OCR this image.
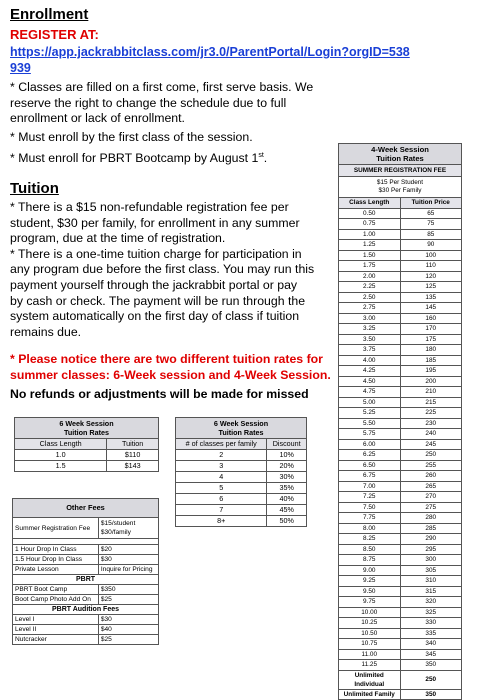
Enrollment
REGISTER AT:
https://app.jackrabbitclass.com/jr3.0/ParentPortal/Login?orgID=538
939
* Classes are filled on a first come, first serve basis. We
reserve the right to change the schedule due to full
enrollment or lack of enrollment.
* Must enroll by the first class of the session.
* Must enroll for PBRT Bootcamp by August 1st.
Tuition
* There is a $15 non-refundable registration fee per
student, $30 per family, for enrollment in any summer
program, due at the time of registration.
* There is a one-time tuition charge for participation in
any program due before the first class. You may run this
payment yourself through the jackrabbit portal or pay
by cash or check. The payment will be run through the
system automatically on the first day of class if tuition
remains due.
* Please notice there are two different tuition rates for
summer classes: 6-Week session and 4-Week Session.
No refunds or adjustments will be made for missed
6 Week Session
Tuition Rates	

Class Length	Tuition
1.0	$110
1.5	$143
6 Week Session
Tuition Rates	

# of classes per family	Discount
2	10%
3	20%
4	30%
5	35%
6	40%
7	45%
8+	50%
Other Fees	
Summer Registration Fee	$15/student
$30/family

1 Hour Drop In Class	$20
1.5 Hour Drop In Class	$30
Private Lesson	Inquire for Pricing
PBRT	
PBRT Boot Camp	$350
Boot Camp Photo Add On	$25
PBRT Audition Fees	
Level I	$30
Level II	$40
Nutcracker	$25
4-Week Session
Tuition Rates	

SUMMER REGISTRATION FEE	

$15 Per Student
$30 Per Family	

Class Length	Tuition Price
0.50	65
0.75	75
1.00	85
1.25	90
1.50	100
1.75	110
2.00	120
2.25	125
2.50	135
2.75	145
3.00	160
3.25	170
3.50	175
3.75	180
4.00	185
4.25	195
4.50	200
4.75	210
5.00	215
5.25	225
5.50	230
5.75	240
6.00	245
6.25	250
6.50	255
6.75	260
7.00	265
7.25	270
7.50	275
7.75	280
8.00	285
8.25	290
8.50	295
8.75	300
9.00	305
9.25	310
9.50	315
9.75	320
10.00	325
10.25	330
10.50	335
10.75	340
11.00	345
11.25	350
Unlimited Individual	250
Unlimited Family	350
